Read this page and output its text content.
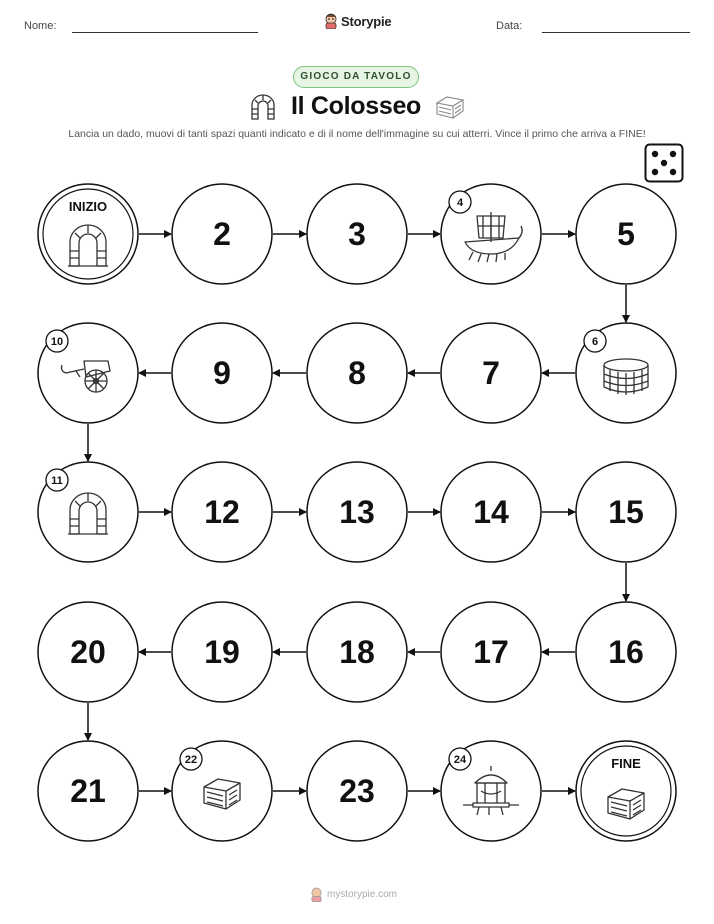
Nome:	Storypie	Data:
GIOCO DA TAVOLO
Il Colosseo
Lancia un dado, muovi di tanti spazi quanti indicato e di il nome dell'immagine su cui atterri. Vince il primo che arriva a FINE!
INIZIO
2	3
4
5
6
7
8
9
10
11
12	13	14	15
16
17
18
19
20
21
22
23
24	FINE
mystorypie.com
